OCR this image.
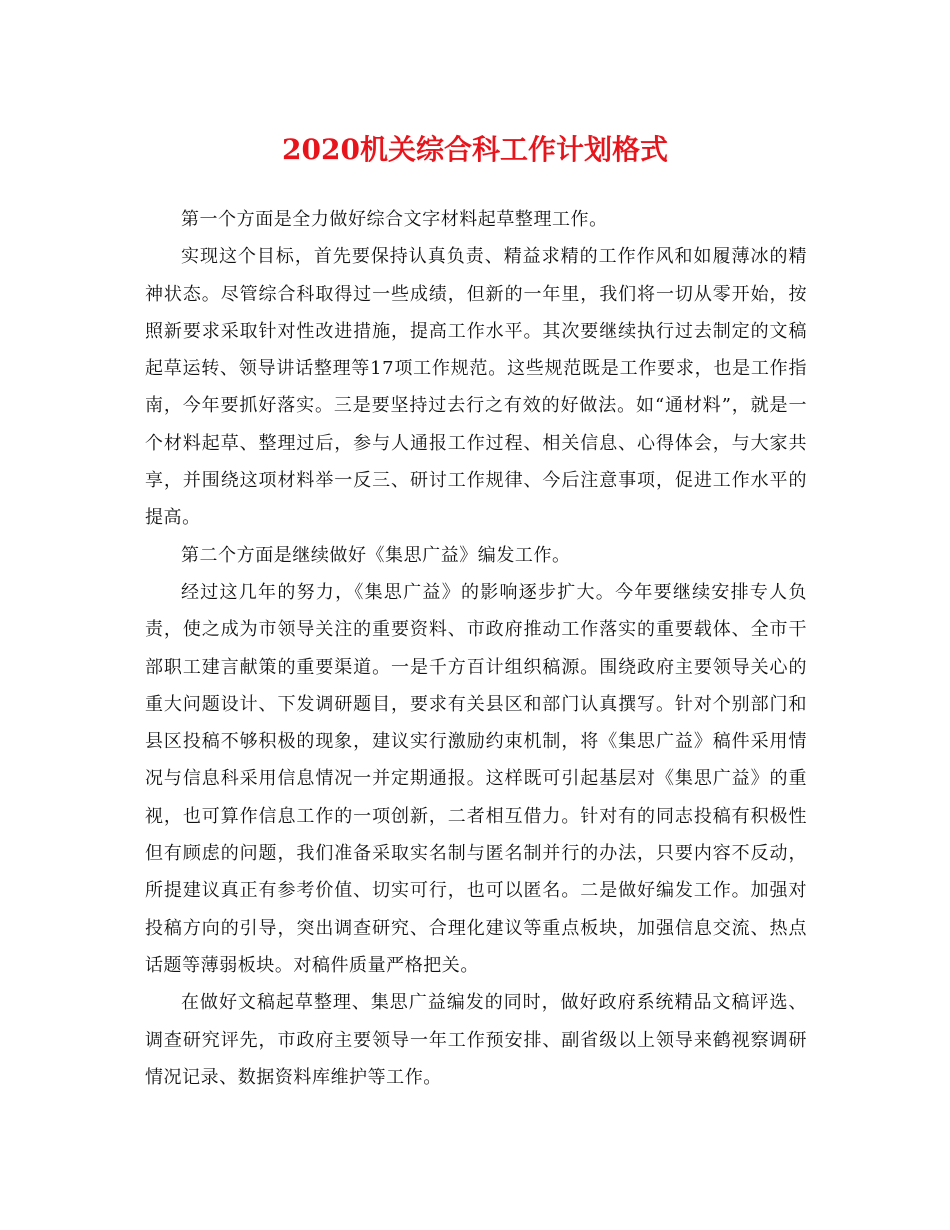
2020机关综合科工作计划格式

第一个方面是全力做好综合文字材料起草整理工作。

实现这个目标，首先要保持认真负责、精益求精的工作作风和如履薄冰的精神状态。尽管综合科取得过一些成绩，但新的一年里，我们将一切从零开始，按照新要求采取针对性改进措施，提高工作水平。其次要继续执行过去制定的文稿起草运转、领导讲话整理等17项工作规范。这些规范既是工作要求，也是工作指南，今年要抓好落实。三是要坚持过去行之有效的好做法。如“通材料”，就是一个材料起草、整理过后，参与人通报工作过程、相关信息、心得体会，与大家共享，并围绕这项材料举一反三、研讨工作规律、今后注意事项，促进工作水平的提高。

第二个方面是继续做好《集思广益》编发工作。

经过这几年的努力，《集思广益》的影响逐步扩大。今年要继续安排专人负责，使之成为市领导关注的重要资料、市政府推动工作落实的重要载体、全市干部职工建言献策的重要渠道。一是千方百计组织稿源。围绕政府主要领导关心的重大问题设计、下发调研题目，要求有关县区和部门认真撰写。针对个别部门和县区投稿不够积极的现象，建议实行激励约束机制，将《集思广益》稿件采用情况与信息科采用信息情况一并定期通报。这样既可引起基层对《集思广益》的重视，也可算作信息工作的一项创新，二者相互借力。针对有的同志投稿有积极性但有顾虑的问题，我们准备采取实名制与匿名制并行的办法，只要内容不反动，所提建议真正有参考价值、切实可行，也可以匿名。二是做好编发工作。加强对投稿方向的引导，突出调查研究、合理化建议等重点板块，加强信息交流、热点话题等薄弱板块。对稿件质量严格把关。

在做好文稿起草整理、集思广益编发的同时，做好政府系统精品文稿评选、调查研究评先，市政府主要领导一年工作预安排、副省级以上领导来鹤视察调研情况记录、数据资料库维护等工作。
